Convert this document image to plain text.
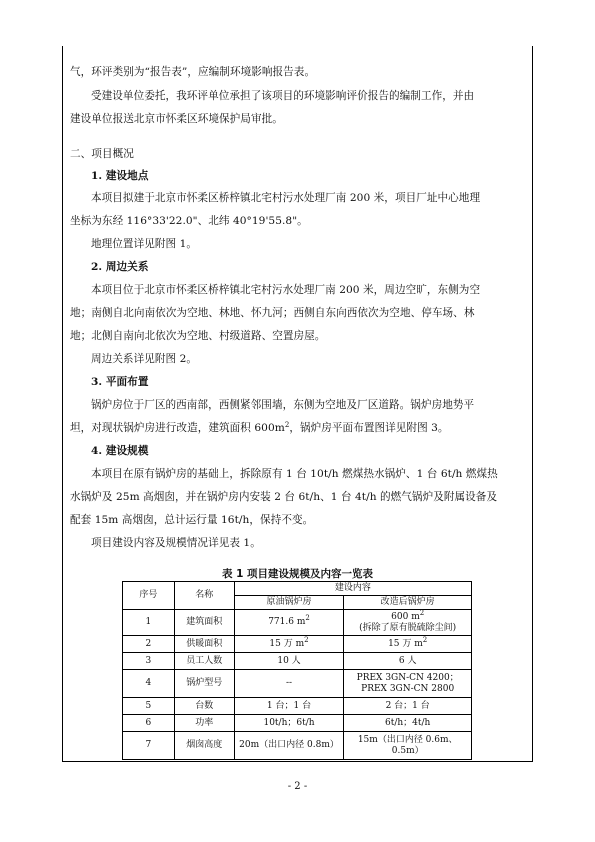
气，环评类别为“报告表”，应编制环境影响报告表。
受建设单位委托，我环评单位承担了该项目的环境影响评价报告的编制工作，并由
建设单位报送北京市怀柔区环境保护局审批。
二、项目概况
1. 建设地点
本项目拟建于北京市怀柔区桥梓镇北宅村污水处理厂南 200 米，项目厂址中心地理
坐标为东经 116°33'22.0"、北纬 40°19'55.8"。
地理位置详见附图 1。
2. 周边关系
本项目位于北京市怀柔区桥梓镇北宅村污水处理厂南 200 米，周边空旷，东侧为空
地；南侧自北向南依次为空地、林地、怀九河；西侧自东向西依次为空地、停车场、林
地；北侧自南向北依次为空地、村级道路、空置房屋。
周边关系详见附图 2。
3. 平面布置
锅炉房位于厂区的西南部，西侧紧邻围墙，东侧为空地及厂区道路。锅炉房地势平
坦，对现状锅炉房进行改造，建筑面积 $600m^2$，锅炉房平面布置图详见附图 3。
4. 建设规模
本项目在原有锅炉房的基础上，拆除原有 1 台 10t/h 燃煤热水锅炉、1 台 6t/h 燃煤热
水锅炉及 25m 高烟囱，并在锅炉房内安装 2 台 6t/h、1 台 4t/h 的燃气锅炉及附属设备及
配套 15m 高烟囱，总计运行量 16t/h，保持不变。
项目建设内容及规模情况详见表 1。
表 1 项目建设规模及内容一览表
序号	名称	建设内容	
		原油锅炉房	改造后锅炉房
1	建筑面积	771.6 $m^2$	600 $m^2$
(拆除了原有脱硫除尘间)
2	供暖面积	15 万 $m^2$	15 万 $m^2$
3	员工人数	10 人	6 人
4	锅炉型号	--	PREX 3GN-CN 4200；
PREX 3GN-CN 2800
5	台数	1 台；1 台	2 台；1 台
6	功率	10t/h；6t/h	6t/h；4t/h
7	烟囱高度	20m（出口内径 0.8m）	15m（出口内径 0.6m、
0.5m）
- 2 -
